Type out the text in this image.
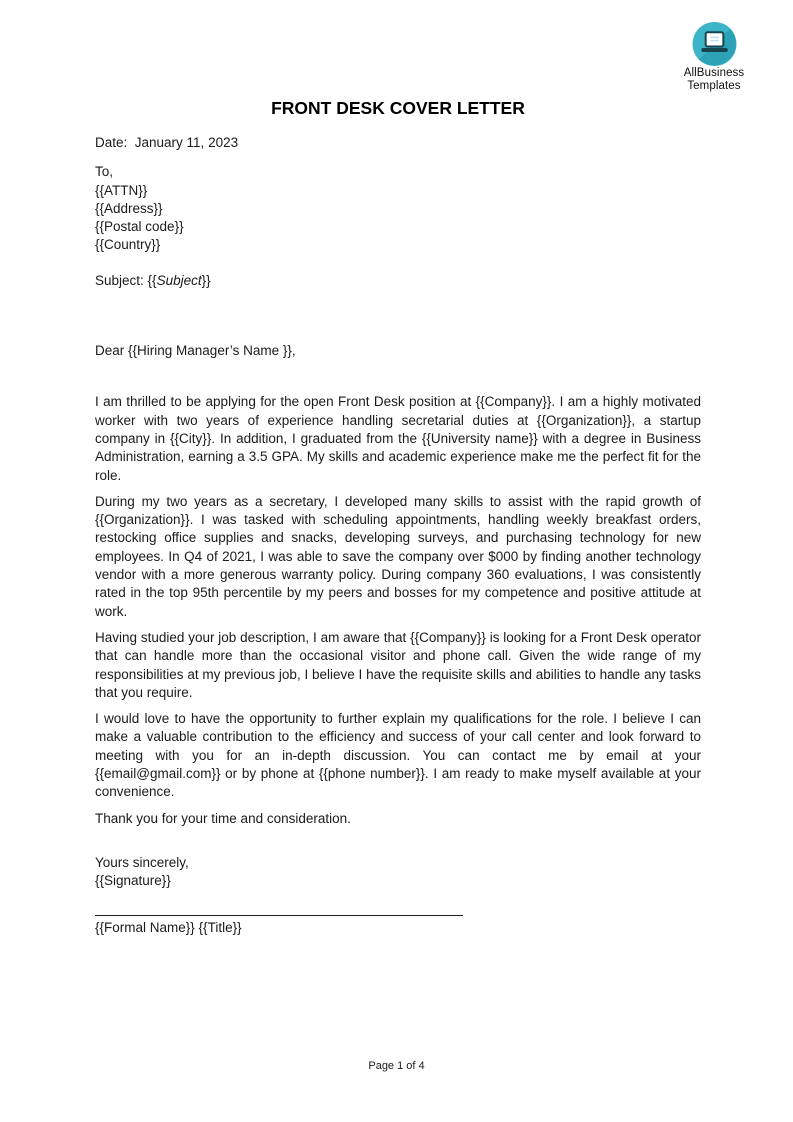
AllBusiness
Templates
FRONT DESK COVER LETTER
Date:  January 11, 2023
To,
{{ATTN}}
{{Address}}
{{Postal code}}
{{Country}}
Subject: {{Subject}}
Dear {{Hiring Manager’s Name }},

I am thrilled to be applying for the open Front Desk position at {{Company}}. I am a highly motivated worker with two years of experience handling secretarial duties at {{Organization}}, a startup company in {{City}}. In addition, I graduated from the {{University name}} with a degree in Business Administration, earning a 3.5 GPA. My skills and academic experience make me the perfect fit for the role.

During my two years as a secretary, I developed many skills to assist with the rapid growth of {{Organization}}. I was tasked with scheduling appointments, handling weekly breakfast orders, restocking office supplies and snacks, developing surveys, and purchasing technology for new employees. In Q4 of 2021, I was able to save the company over $000 by finding another technology vendor with a more generous warranty policy. During company 360 evaluations, I was consistently rated in the top 95th percentile by my peers and bosses for my competence and positive attitude at work.

Having studied your job description, I am aware that {{Company}} is looking for a Front Desk operator that can handle more than the occasional visitor and phone call. Given the wide range of my responsibilities at my previous job, I believe I have the requisite skills and abilities to handle any tasks that you require.

I would love to have the opportunity to further explain my qualifications for the role. I believe I can make a valuable contribution to the efficiency and success of your call center and look forward to meeting with you for an in-depth discussion. You can contact me by email at your {{email@gmail.com}} or by phone at {{phone number}}. I am ready to make myself available at your convenience.

Thank you for your time and consideration.
Yours sincerely,
{{Signature}}
{{Formal Name}} {{Title}}
Page 1 of 4
